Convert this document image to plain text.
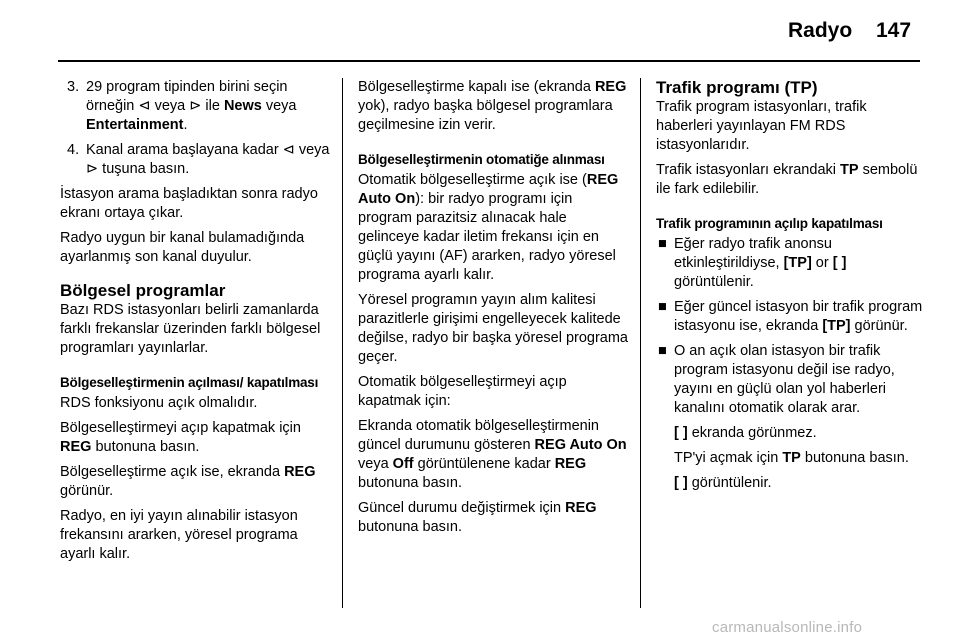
Radyo 147
3. 29 program tipinden birini seçin örneğin ⊲ veya ⊳ ile News veya Entertainment.
4. Kanal arama başlayana kadar ⊲ veya ⊳ tuşuna basın.

İstasyon arama başladıktan sonra radyo ekranı ortaya çıkar.

Radyo uygun bir kanal bulamadığında ayarlanmış son kanal duyulur.

Bölgesel programlar

Bazı RDS istasyonları belirli zamanlarda farklı frekanslar üzerinden farklı bölgesel programları yayınlarlar.

Bölgeselleştirmenin açılması/ kapatılması

RDS fonksiyonu açık olmalıdır.

Bölgeselleştirmeyi açıp kapatmak için REG butonuna basın.

Bölgeselleştirme açık ise, ekranda REG görünür.

Radyo, en iyi yayın alınabilir istasyon frekansını ararken, yöresel programa ayarlı kalır.

Bölgeselleştirme kapalı ise (ekranda REG yok), radyo başka bölgesel programlara geçilmesine izin verir.

Bölgeselleştirmenin otomatiğe alınması

Otomatik bölgeselleştirme açık ise (REG Auto On): bir radyo programı için program parazitsiz alınacak hale gelinceye kadar iletim frekansı için en güçlü yayını (AF) ararken, radyo yöresel programa ayarlı kalır.

Yöresel programın yayın alım kalitesi parazitlerle girişimi engelleyecek kalitede değilse, radyo bir başka yöresel programa geçer.

Otomatik bölgeselleştirmeyi açıp kapatmak için:

Ekranda otomatik bölgeselleştirmenin güncel durumunu gösteren REG Auto On veya Off görüntülenene kadar REG butonuna basın.

Güncel durumu değiştirmek için REG butonuna basın.

Trafik programı (TP)

Trafik program istasyonları, trafik haberleri yayınlayan FM RDS istasyonlarıdır.

Trafik istasyonları ekrandaki TP sembolü ile fark edilebilir.

Trafik programının açılıp kapatılması
■ Eğer radyo trafik anonsu etkinleştirildiyse, [TP] or [ ] görüntülenir.
■ Eğer güncel istasyon bir trafik program istasyonu ise, ekranda [TP] görünür.
■ O an açık olan istasyon bir trafik program istasyonu değil ise radyo, yayını en güçlü olan yol haberleri kanalını otomatik olarak arar.

[ ] ekranda görünmez.

TP'yi açmak için TP butonuna basın.

[ ] görüntülenir.

carmanualsonline.info
